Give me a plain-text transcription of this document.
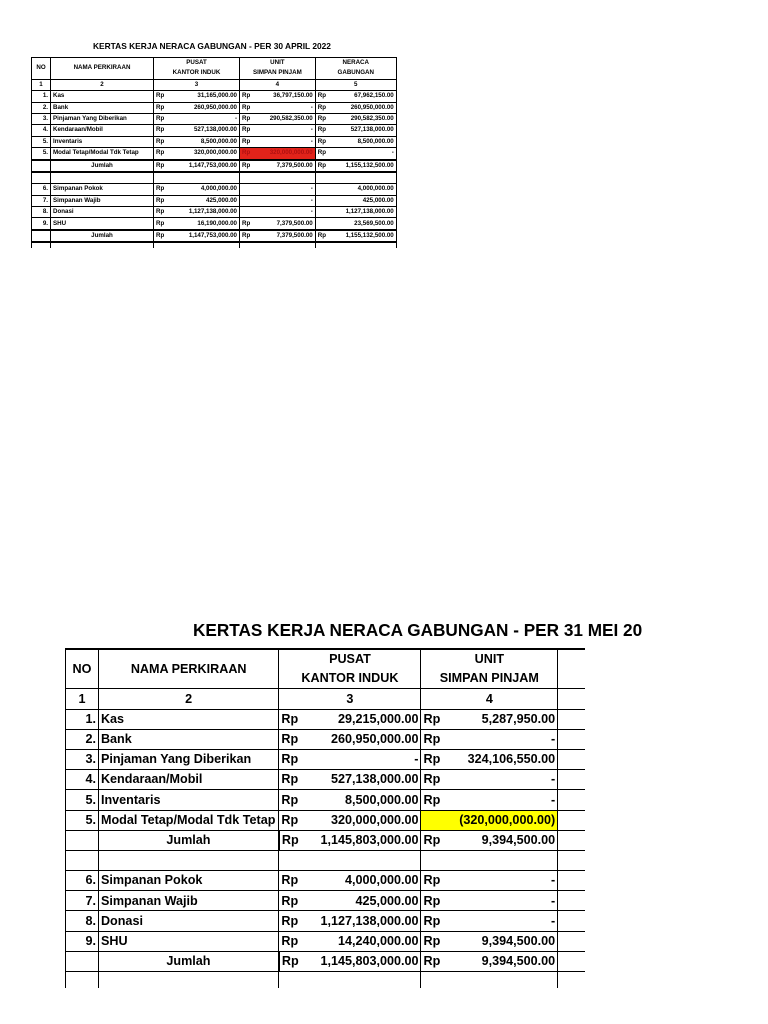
KERTAS KERJA NERACA GABUNGAN - PER 30 APRIL 2022
NO	NAMA PERKIRAAN	PUSAT		UNIT		NERACA	
		KANTOR INDUK		SIMPAN PINJAM		GABUNGAN	
1	2	3		4		5	
1.	Kas	Rp	31,165,000.00	Rp	36,797,150.00	Rp	67,962,150.00
2.	Bank	Rp	260,950,000.00	Rp	-	Rp	260,950,000.00
3.	Pinjaman Yang Diberikan	Rp	-	Rp	290,582,350.00	Rp	290,582,350.00
4.	Kendaraan/Mobil	Rp	527,138,000.00	Rp	-	Rp	527,138,000.00
5.	Inventaris	Rp	8,500,000.00	Rp	-	Rp	8,500,000.00
5.	Modal Tetap/Modal Tdk Tetap	Rp	320,000,000.00	Rp	320,000,000.00	Rp	-
	Jumlah	Rp	1,147,753,000.00	Rp	7,379,500.00	Rp	1,155,132,500.00

6.	Simpanan Pokok	Rp	4,000,000.00		-		4,000,000.00
7.	Simpanan Wajib	Rp	425,000.00		-		425,000.00
8.	Donasi	Rp	1,127,138,000.00		-		1,127,138,000.00
9.	SHU	Rp	16,190,000.00	Rp	7,379,500.00		23,569,500.00
	Jumlah	Rp	1,147,753,000.00	Rp	7,379,500.00	Rp	1,155,132,500.00

KERTAS KERJA NERACA GABUNGAN - PER 31 MEI 20
NO	NAMA PERKIRAAN	PUSAT		UNIT		
		KANTOR INDUK		SIMPAN PINJAM		
1	2	3		4		
1.	Kas	Rp	29,215,000.00	Rp	5,287,950.00	
2.	Bank	Rp	260,950,000.00	Rp	-	
3.	Pinjaman Yang Diberikan	Rp	-	Rp	324,106,550.00	
4.	Kendaraan/Mobil	Rp	527,138,000.00	Rp	-	
5.	Inventaris	Rp	8,500,000.00	Rp	-	
5.	Modal Tetap/Modal Tdk Tetap	Rp	320,000,000.00		(320,000,000.00)	
	Jumlah	Rp	1,145,803,000.00	Rp	9,394,500.00	

6.	Simpanan Pokok	Rp	4,000,000.00	Rp	-	
7.	Simpanan Wajib	Rp	425,000.00	Rp	-	
8.	Donasi	Rp	1,127,138,000.00	Rp	-	
9.	SHU	Rp	14,240,000.00	Rp	9,394,500.00	
	Jumlah	Rp	1,145,803,000.00	Rp	9,394,500.00	
